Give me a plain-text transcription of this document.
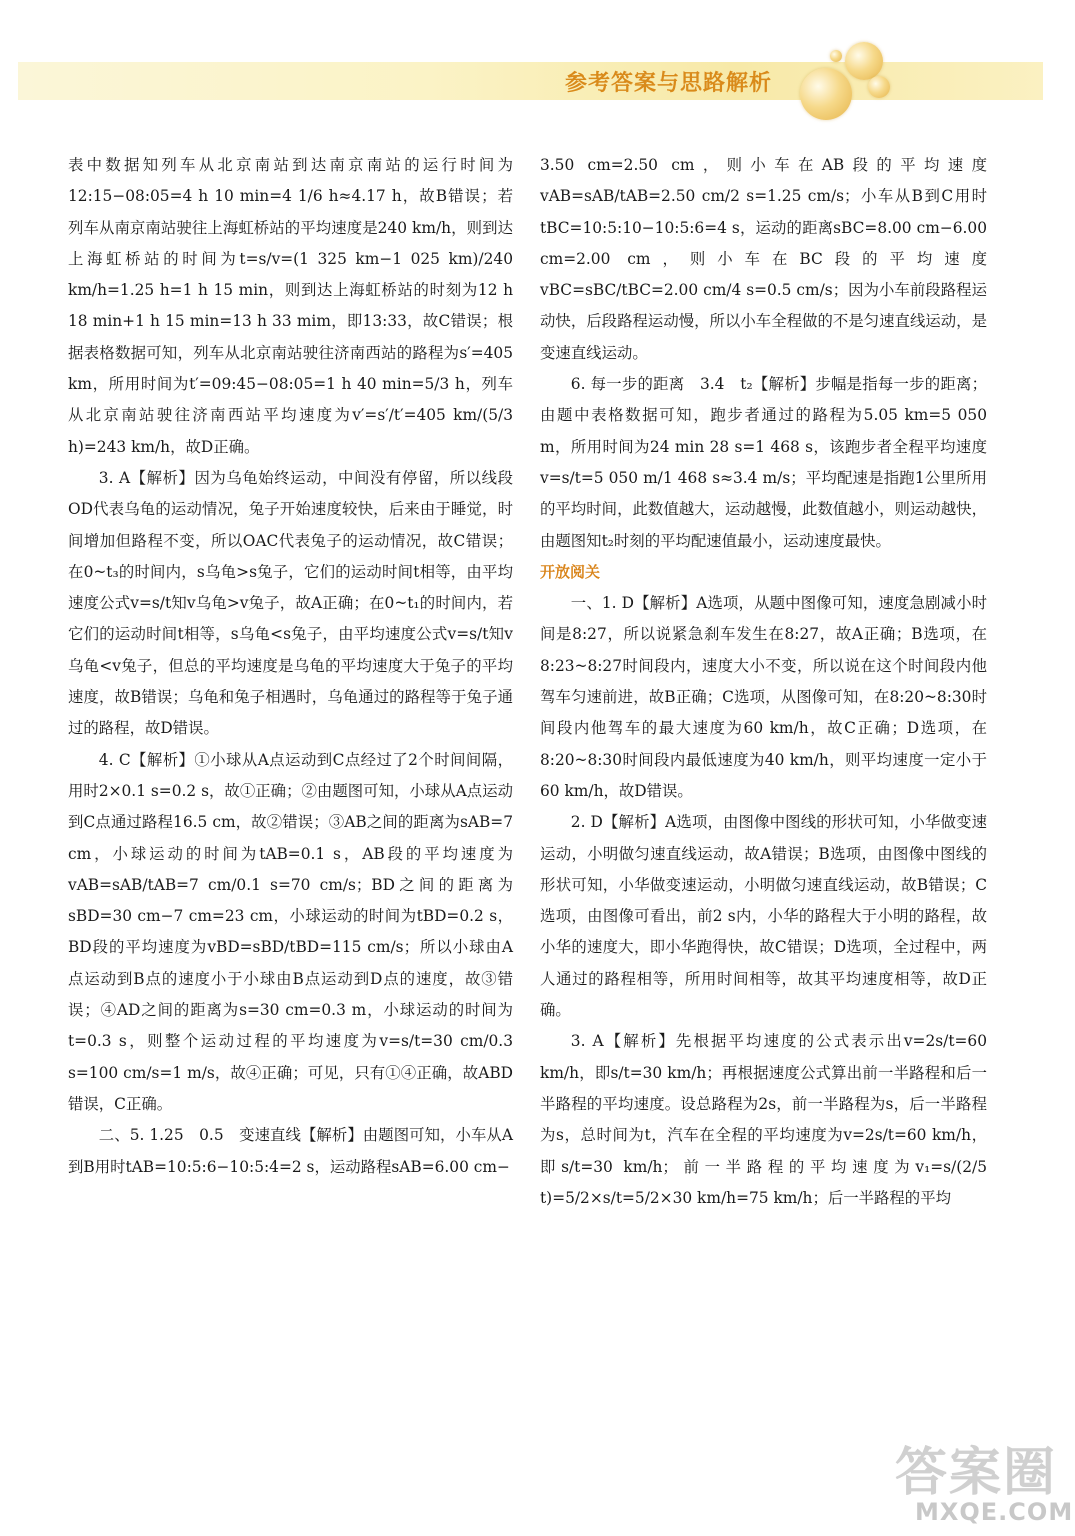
参考答案与思路解析

表中数据知列车从北京南站到达南京南站的运行时间为12:15−08:05=4 h 10 min=4 1/6 h≈4.17 h，故B错误；若列车从南京南站驶往上海虹桥站的平均速度是240 km/h，则到达上海虹桥站的时间为t=s/v=(1 325 km−1 025 km)/240 km/h=1.25 h=1 h 15 min，则到达上海虹桥站的时刻为12 h 18 min+1 h 15 min=13 h 33 mim，即13:33，故C错误；根据表格数据可知，列车从北京南站驶往济南西站的路程为s′=405 km，所用时间为t′=09:45−08:05=1 h 40 min=5/3 h，列车从北京南站驶往济南西站平均速度为v′=s′/t′=405 km/(5/3 h)=243 km/h，故D正确。

3. A【解析】因为乌龟始终运动，中间没有停留，所以线段OD代表乌龟的运动情况，兔子开始速度较快，后来由于睡觉，时间增加但路程不变，所以OAC代表兔子的运动情况，故C错误；在0~t₃的时间内，s乌龟>s兔子，它们的运动时间t相等，由平均速度公式v=s/t知v乌龟>v兔子，故A正确；在0~t₁的时间内，若它们的运动时间t相等，s乌龟<s兔子，由平均速度公式v=s/t知v乌龟<v兔子，但总的平均速度是乌龟的平均速度大于兔子的平均速度，故B错误；乌龟和兔子相遇时，乌龟通过的路程等于兔子通过的路程，故D错误。

4. C【解析】①小球从A点运动到C点经过了2个时间间隔，用时2×0.1 s=0.2 s，故①正确；②由题图可知，小球从A点运动到C点通过路程16.5 cm，故②错误；③AB之间的距离为sAB=7 cm，小球运动的时间为tAB=0.1 s，AB段的平均速度为vAB=sAB/tAB=7 cm/0.1 s=70 cm/s；BD之间的距离为sBD=30 cm−7 cm=23 cm，小球运动的时间为tBD=0.2 s，BD段的平均速度为vBD=sBD/tBD=115 cm/s；所以小球由A点运动到B点的速度小于小球由B点运动到D点的速度，故③错误；④AD之间的距离为s=30 cm=0.3 m，小球运动的时间为t=0.3 s，则整个运动过程的平均速度为v=s/t=30 cm/0.3 s=100 cm/s=1 m/s，故④正确；可见，只有①④正确，故ABD错误，C正确。

二、5. 1.25　0.5　变速直线【解析】由题图可知，小车从A到B用时tAB=10:5:6−10:5:4=2 s，运动路程sAB=6.00 cm−

3.50 cm=2.50 cm，则小车在AB段的平均速度vAB=sAB/tAB=2.50 cm/2 s=1.25 cm/s；小车从B到C用时tBC=10:5:10−10:5:6=4 s，运动的距离sBC=8.00 cm−6.00 cm=2.00 cm，则小车在BC段的平均速度vBC=sBC/tBC=2.00 cm/4 s=0.5 cm/s；因为小车前段路程运动快，后段路程运动慢，所以小车全程做的不是匀速直线运动，是变速直线运动。

6. 每一步的距离　3.4　t₂【解析】步幅是指每一步的距离；由题中表格数据可知，跑步者通过的路程为5.05 km=5 050 m，所用时间为24 min 28 s=1 468 s，该跑步者全程平均速度v=s/t=5 050 m/1 468 s≈3.4 m/s；平均配速是指跑1公里所用的平均时间，此数值越大，运动越慢，此数值越小，则运动越快，由题图知t₂时刻的平均配速值最小，运动速度最快。

开放阅关

一、1. D【解析】A选项，从题中图像可知，速度急剧减小时间是8:27，所以说紧急刹车发生在8:27，故A正确；B选项，在8:23~8:27时间段内，速度大小不变，所以说在这个时间段内他驾车匀速前进，故B正确；C选项，从图像可知，在8:20~8:30时间段内他驾车的最大速度为60 km/h，故C正确；D选项，在8:20~8:30时间段内最低速度为40 km/h，则平均速度一定小于60 km/h，故D错误。

2. D【解析】A选项，由图像中图线的形状可知，小华做变速运动，小明做匀速直线运动，故A错误；B选项，由图像中图线的形状可知，小华做变速运动，小明做匀速直线运动，故B错误；C选项，由图像可看出，前2 s内，小华的路程大于小明的路程，故小华的速度大，即小华跑得快，故C错误；D选项，全过程中，两人通过的路程相等，所用时间相等，故其平均速度相等，故D正确。

3. A【解析】先根据平均速度的公式表示出v=2s/t=60 km/h，即s/t=30 km/h；再根据速度公式算出前一半路程和后一半路程的平均速度。设总路程为2s，前一半路程为s，后一半路程为s，总时间为t，汽车在全程的平均速度为v=2s/t=60 km/h，即s/t=30 km/h；前一半路程的平均速度为v₁=s/(2/5 t)=5/2×s/t=5/2×30 km/h=75 km/h；后一半路程的平均

答案圈
MXQE.COM
